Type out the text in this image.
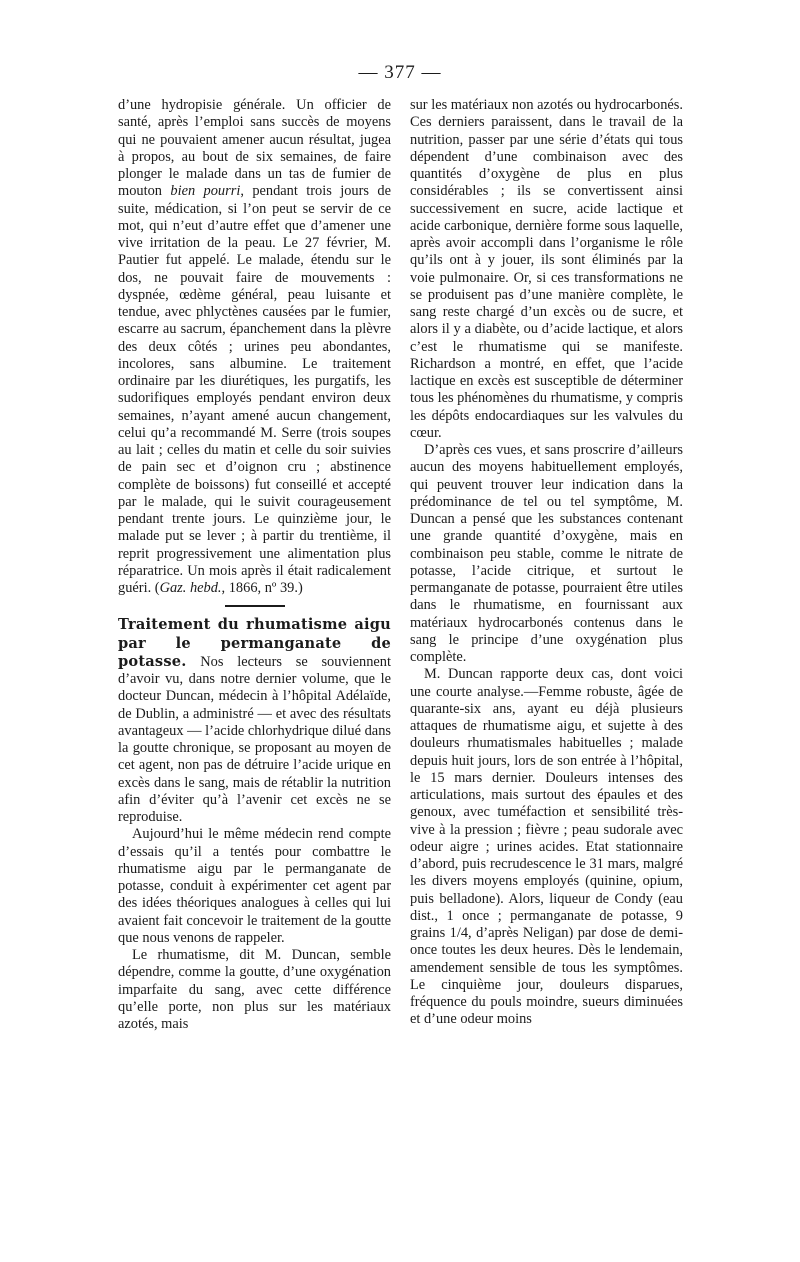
— 377 —

d’une hydropisie générale. Un officier de santé, après l’emploi sans succès de moyens qui ne pouvaient amener aucun résultat, jugea à propos, au bout de six semaines, de faire plonger le malade dans un tas de fumier de mouton bien pourri, pendant trois jours de suite, médication, si l’on peut se servir de ce mot, qui n’eut d’autre effet que d’amener une vive irritation de la peau. Le 27 février, M. Pautier fut appelé. Le malade, étendu sur le dos, ne pouvait faire de mouvements : dyspnée, œdème général, peau luisante et tendue, avec phlyctènes causées par le fumier, escarre au sacrum, épanchement dans la plèvre des deux côtés ; urines peu abondantes, incolores, sans albumine. Le traitement ordinaire par les diurétiques, les purgatifs, les sudorifiques employés pendant environ deux semaines, n’ayant amené aucun changement, celui qu’a recommandé M. Serre (trois soupes au lait ; celles du matin et celle du soir suivies de pain sec et d’oignon cru ; abstinence complète de boissons) fut conseillé et accepté par le malade, qui le suivit courageusement pendant trente jours. Le quinzième jour, le malade put se lever ; à partir du trentième, il reprit progressivement une alimentation plus réparatrice. Un mois après il était radicalement guéri. (Gaz. hebd., 1866, nº 39.)

Traitement du rhumatisme aigu par le permanganate de potasse. Nos lecteurs se souviennent d’avoir vu, dans notre dernier volume, que le docteur Duncan, médecin à l’hôpital Adélaïde, de Dublin, a administré — et avec des résultats avantageux — l’acide chlorhydrique dilué dans la goutte chronique, se proposant au moyen de cet agent, non pas de détruire l’acide urique en excès dans le sang, mais de rétablir la nutrition afin d’éviter qu’à l’avenir cet excès ne se reproduise.

Aujourd’hui le même médecin rend compte d’essais qu’il a tentés pour combattre le rhumatisme aigu par le permanganate de potasse, conduit à expérimenter cet agent par des idées théoriques analogues à celles qui lui avaient fait concevoir le traitement de la goutte que nous venons de rappeler.

Le rhumatisme, dit M. Duncan, semble dépendre, comme la goutte, d’une oxygénation imparfaite du sang, avec cette différence qu’elle porte, non plus sur les matériaux azotés, mais

sur les matériaux non azotés ou hydrocarbonés. Ces derniers paraissent, dans le travail de la nutrition, passer par une série d’états qui tous dépendent d’une combinaison avec des quantités d’oxygène de plus en plus considérables ; ils se convertissent ainsi successivement en sucre, acide lactique et acide carbonique, dernière forme sous laquelle, après avoir accompli dans l’organisme le rôle qu’ils ont à y jouer, ils sont éliminés par la voie pulmonaire. Or, si ces transformations ne se produisent pas d’une manière complète, le sang reste chargé d’un excès ou de sucre, et alors il y a diabète, ou d’acide lactique, et alors c’est le rhumatisme qui se manifeste. Richardson a montré, en effet, que l’acide lactique en excès est susceptible de déterminer tous les phénomènes du rhumatisme, y compris les dépôts endocardiaques sur les valvules du cœur.

D’après ces vues, et sans proscrire d’ailleurs aucun des moyens habituellement employés, qui peuvent trouver leur indication dans la prédominance de tel ou tel symptôme, M. Duncan a pensé que les substances contenant une grande quantité d’oxygène, mais en combinaison peu stable, comme le nitrate de potasse, l’acide citrique, et surtout le permanganate de potasse, pourraient être utiles dans le rhumatisme, en fournissant aux matériaux hydrocarbonés contenus dans le sang le principe d’une oxygénation plus complète.

M. Duncan rapporte deux cas, dont voici une courte analyse.—Femme robuste, âgée de quarante-six ans, ayant eu déjà plusieurs attaques de rhumatisme aigu, et sujette à des douleurs rhumatismales habituelles ; malade depuis huit jours, lors de son entrée à l’hôpital, le 15 mars dernier. Douleurs intenses des articulations, mais surtout des épaules et des genoux, avec tuméfaction et sensibilité très-vive à la pression ; fièvre ; peau sudorale avec odeur aigre ; urines acides. Etat stationnaire d’abord, puis recrudescence le 31 mars, malgré les divers moyens employés (quinine, opium, puis belladone). Alors, liqueur de Condy (eau dist., 1 once ; permanganate de potasse, 9 grains 1/4, d’après Neligan) par dose de demi-once toutes les deux heures. Dès le lendemain, amendement sensible de tous les symptômes. Le cinquième jour, douleurs disparues, fréquence du pouls moindre, sueurs diminuées et d’une odeur moins
